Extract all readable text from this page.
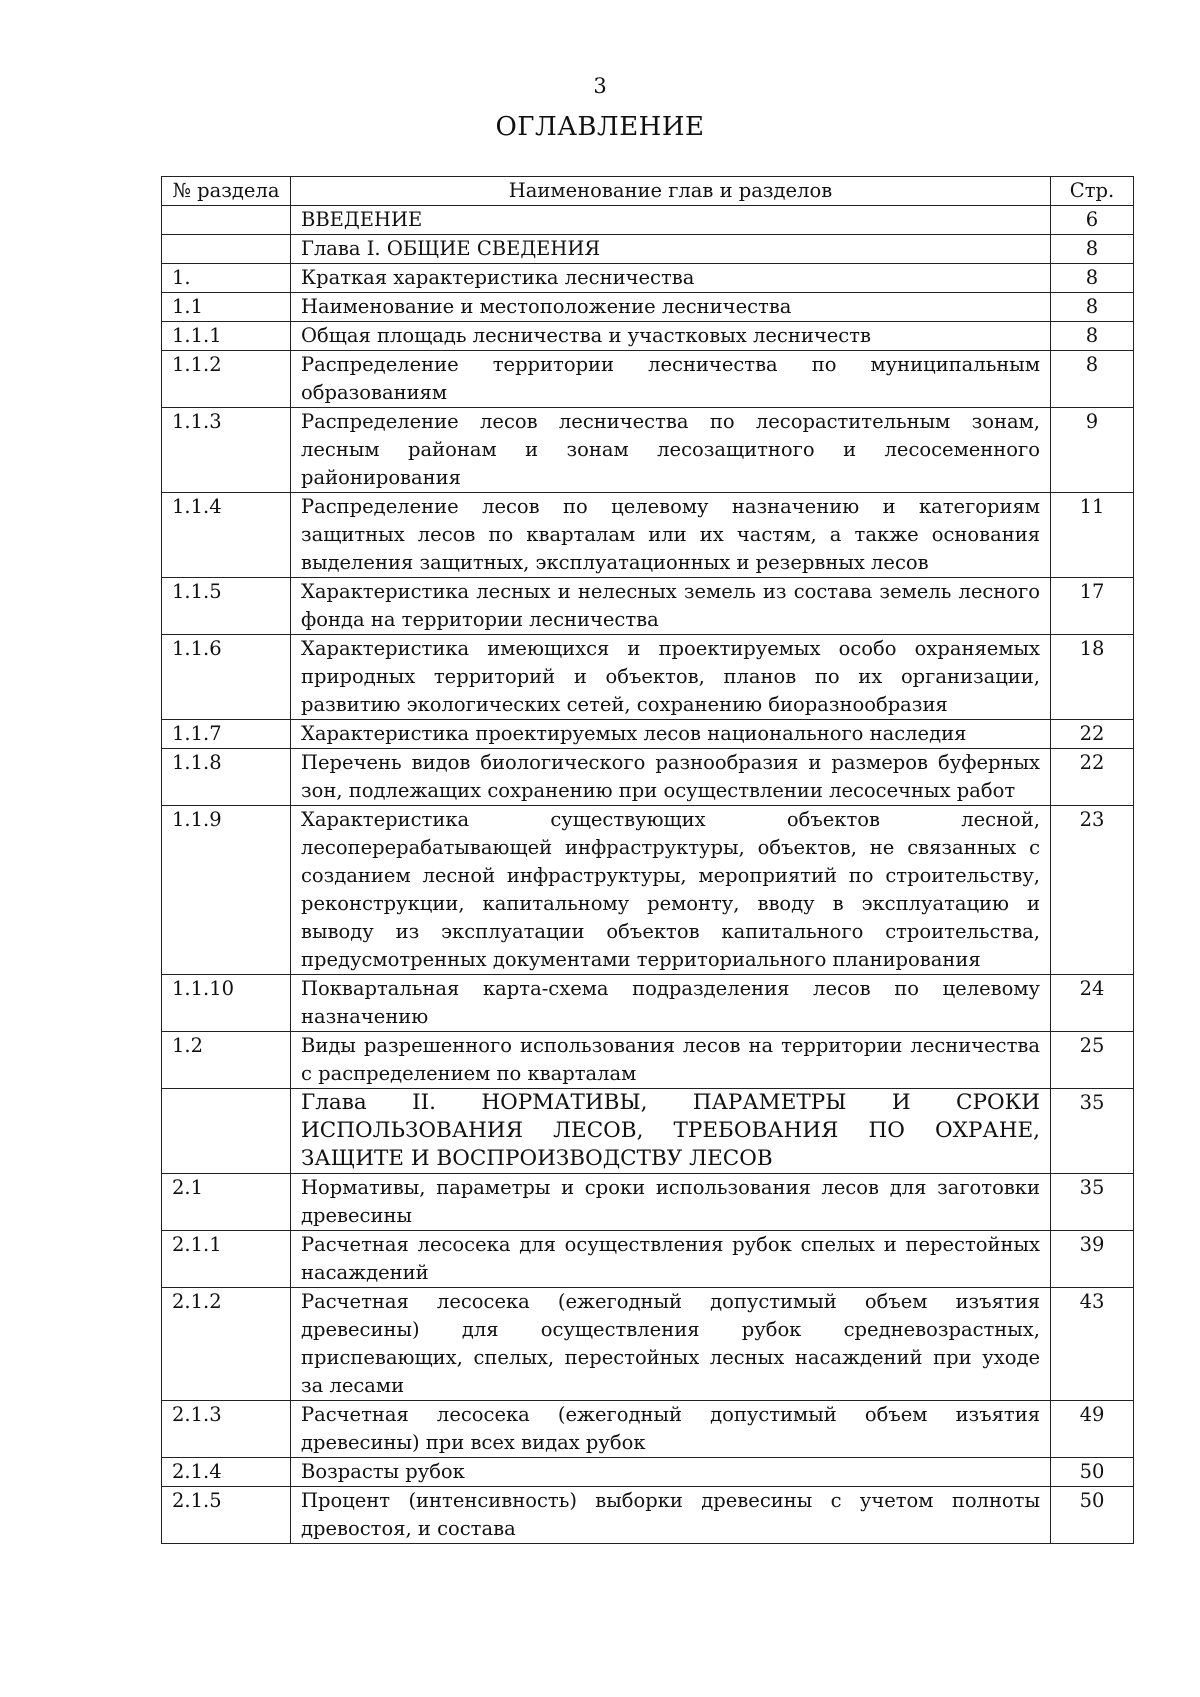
3
ОГЛАВЛЕНИЕ
№ раздела	Наименование глав и разделов	Стр.
	ВВЕДЕНИЕ	6
	Глава I. ОБЩИЕ СВЕДЕНИЯ	8
1.	Краткая характеристика лесничества	8
1.1	Наименование и местоположение лесничества	8
1.1.1	Общая площадь лесничества и участковых лесничеств	8
1.1.2	Распределение территории лесничества по муниципальным образованиям	8
1.1.3	Распределение лесов лесничества по лесорастительным зонам, лесным районам и зонам лесозащитного и лесосеменного районирования	9
1.1.4	Распределение лесов по целевому назначению и категориям защитных лесов по кварталам или их частям, а также основания выделения защитных, эксплуатационных и резервных лесов	11
1.1.5	Характеристика лесных и нелесных земель из состава земель лесного фонда на территории лесничества	17
1.1.6	Характеристика имеющихся и проектируемых особо охраняемых природных территорий и объектов, планов по их организации, развитию экологических сетей, сохранению биоразнообразия	18
1.1.7	Характеристика проектируемых лесов национального наследия	22
1.1.8	Перечень видов биологического разнообразия и размеров буферных зон, подлежащих сохранению при осуществлении лесосечных работ	22
1.1.9	Характеристика существующих объектов лесной, лесоперерабатывающей инфраструктуры, объектов, не связанных с созданием лесной инфраструктуры, мероприятий по строительству, реконструкции, капитальному ремонту, вводу в эксплуатацию и выводу из эксплуатации объектов капитального строительства, предусмотренных документами территориального планирования	23
1.1.10	Поквартальная карта-схема подразделения лесов по целевому назначению	24
1.2	Виды разрешенного использования лесов на территории лесничества с распределением по кварталам	25
	Глава II. НОРМАТИВЫ, ПАРАМЕТРЫ И СРОКИ ИСПОЛЬЗОВАНИЯ ЛЕСОВ, ТРЕБОВАНИЯ ПО ОХРАНЕ, ЗАЩИТЕ И ВОСПРОИЗВОДСТВУ ЛЕСОВ	35
2.1	Нормативы, параметры и сроки использования лесов для заготовки древесины	35
2.1.1	Расчетная лесосека для осуществления рубок спелых и перестойных насаждений	39
2.1.2	Расчетная лесосека (ежегодный допустимый объем изъятия древесины) для осуществления рубок средневозрастных, приспевающих, спелых, перестойных лесных насаждений при уходе за лесами	43
2.1.3	Расчетная лесосека (ежегодный допустимый объем изъятия древесины) при всех видах рубок	49
2.1.4	Возрасты рубок	50
2.1.5	Процент (интенсивность) выборки древесины с учетом полноты древостоя, и состава	50
